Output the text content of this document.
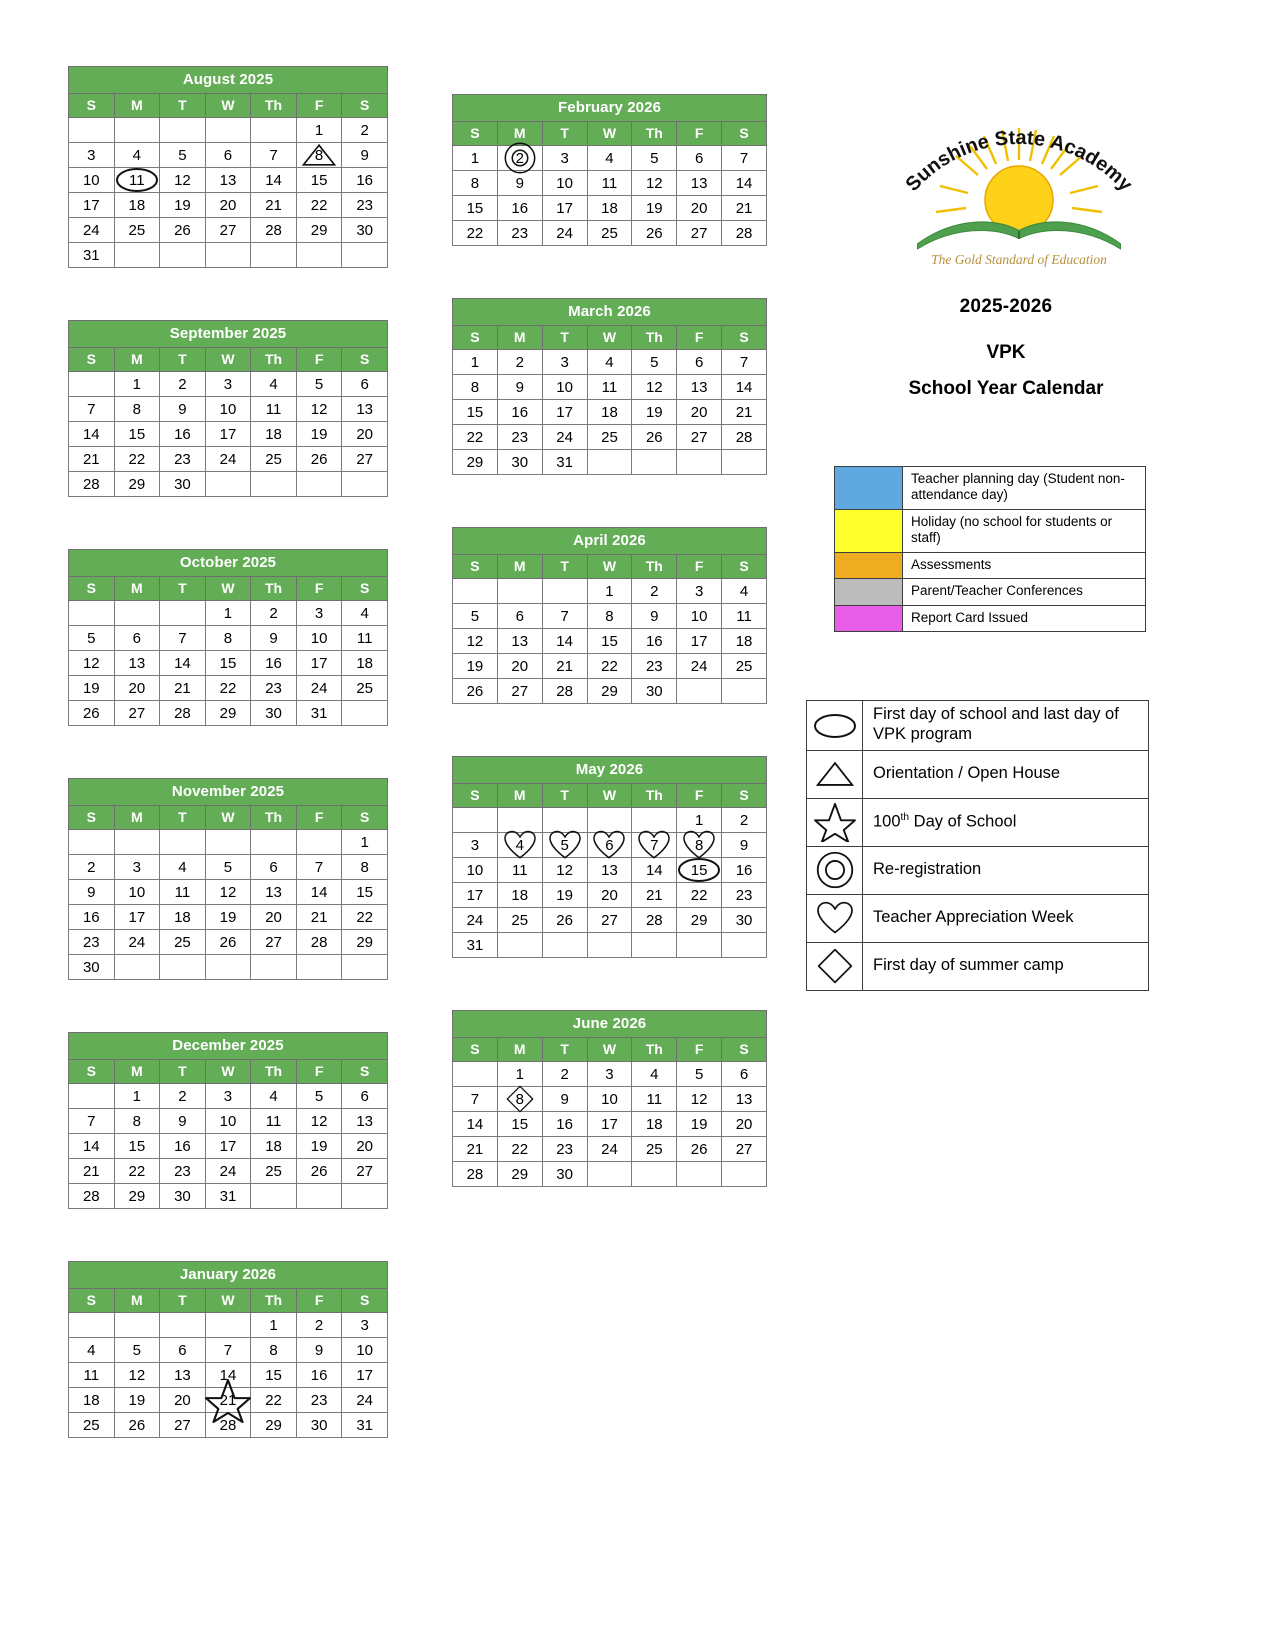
August 2025						
S	M	T	W	Th	F	S
					1	2
3	4	5	6	7	8	9
10	11	12	13	14	15	16
17	18	19	20	21	22	23
24	25	26	27	28	29	30
31						
September 2025						
S	M	T	W	Th	F	S
	1	2	3	4	5	6
7	8	9	10	11	12	13
14	15	16	17	18	19	20
21	22	23	24	25	26	27
28	29	30				
October 2025						
S	M	T	W	Th	F	S
			1	2	3	4
5	6	7	8	9	10	11
12	13	14	15	16	17	18
19	20	21	22	23	24	25
26	27	28	29	30	31	
November 2025						
S	M	T	W	Th	F	S
						1
2	3	4	5	6	7	8
9	10	11	12	13	14	15
16	17	18	19	20	21	22
23	24	25	26	27	28	29
30						
December 2025						
S	M	T	W	Th	F	S
	1	2	3	4	5	6
7	8	9	10	11	12	13
14	15	16	17	18	19	20
21	22	23	24	25	26	27
28	29	30	31			
January 2026						
S	M	T	W	Th	F	S
				1	2	3
4	5	6	7	8	9	10
11	12	13	14	15	16	17
18	19	20	21	22	23	24
25	26	27	28	29	30	31
February 2026						
S	M	T	W	Th	F	S
1	2	3	4	5	6	7
8	9	10	11	12	13	14
15	16	17	18	19	20	21
22	23	24	25	26	27	28
March 2026						
S	M	T	W	Th	F	S
1	2	3	4	5	6	7
8	9	10	11	12	13	14
15	16	17	18	19	20	21
22	23	24	25	26	27	28
29	30	31				
April 2026						
S	M	T	W	Th	F	S
			1	2	3	4
5	6	7	8	9	10	11
12	13	14	15	16	17	18
19	20	21	22	23	24	25
26	27	28	29	30		
May 2026						
S	M	T	W	Th	F	S
					1	2
3	4	5	6	7	8	9
10	11	12	13	14	15	16
17	18	19	20	21	22	23
24	25	26	27	28	29	30
31						
June 2026						
S	M	T	W	Th	F	S
	1	2	3	4	5	6
7	8	9	10	11	12	13
14	15	16	17	18	19	20
21	22	23	24	25	26	27
28	29	30				
Sunshine State Academy
The Gold Standard of Education
2025-2026
VPK
School Year Calendar
	Teacher planning day (Student non-attendance day)
	Holiday (no school for students or staff)
	Assessments
	Parent/Teacher Conferences
	Report Card Issued
	First day of school and last day of VPK program

	Orientation / Open House

	100th Day of School

	Re-registration

	Teacher Appreciation Week

	First day of summer camp
